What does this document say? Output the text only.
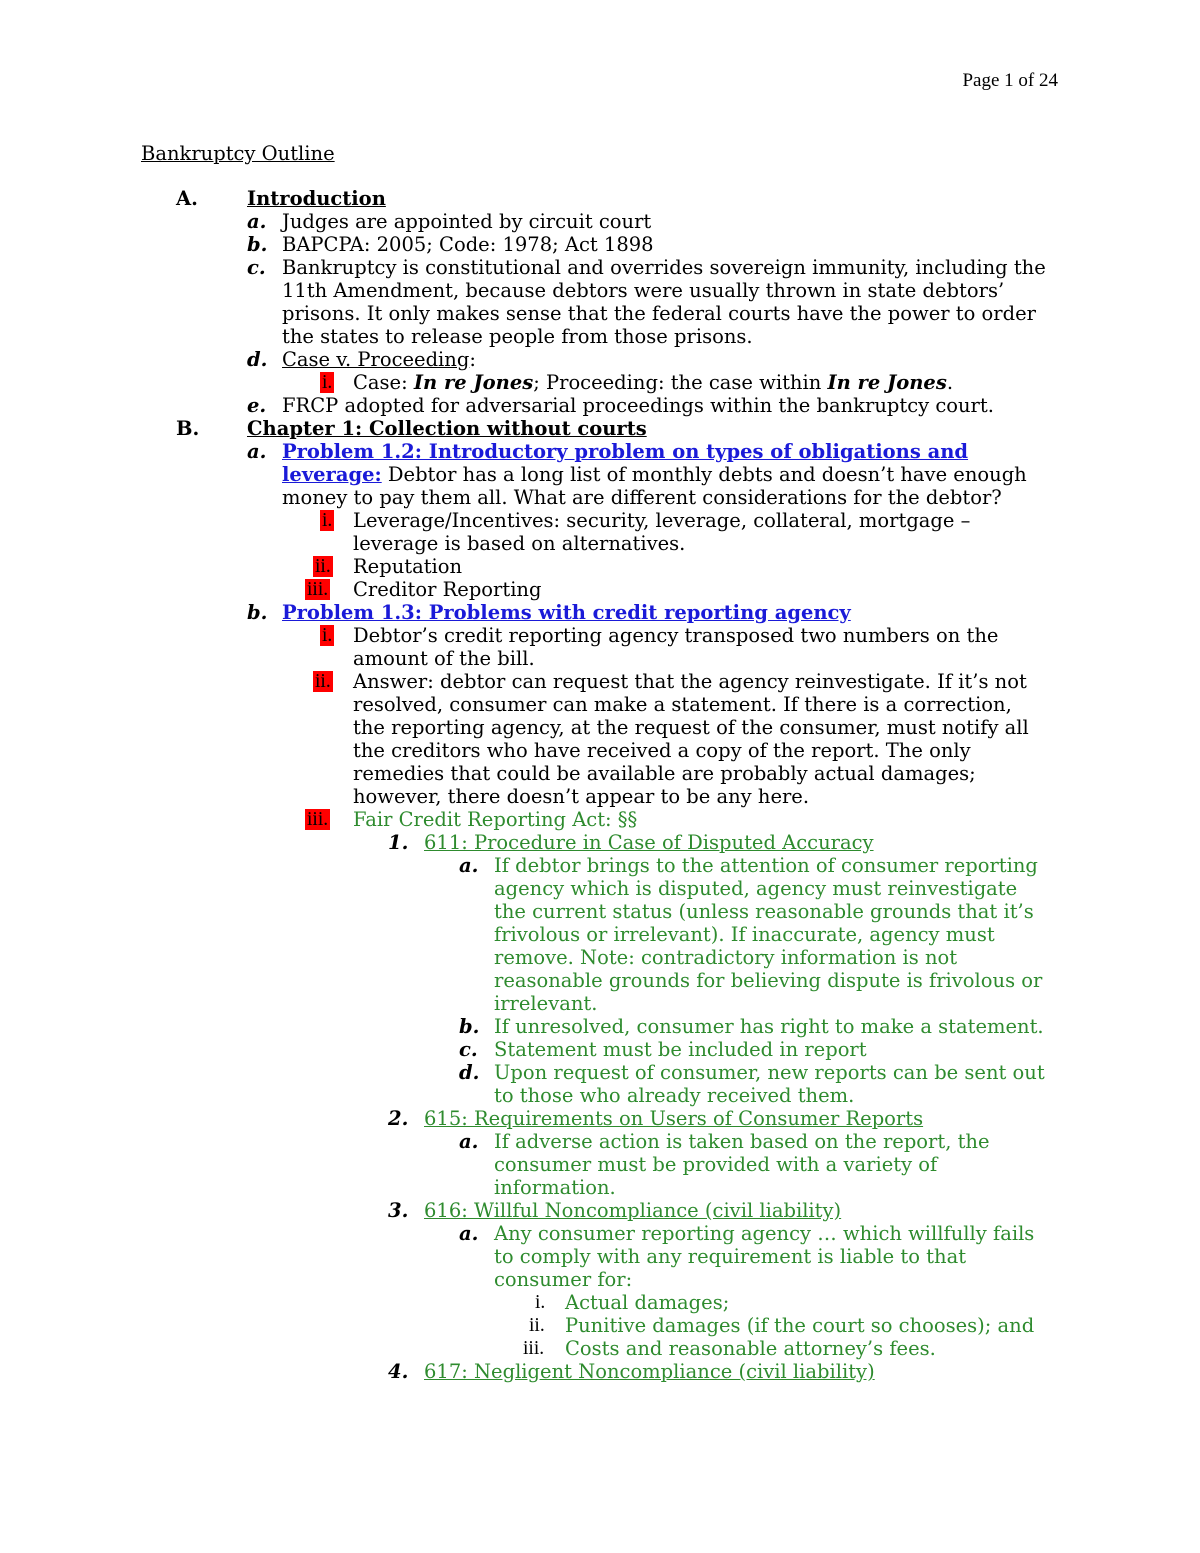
Page 1 of 24
Bankruptcy Outline
A.	Introduction
a. Judges are appointed by circuit court
b. BAPCPA: 2005; Code: 1978; Act 1898
c. Bankruptcy is constitutional and overrides sovereign immunity, including the
11th Amendment, because debtors were usually thrown in state debtors’
prisons. It only makes sense that the federal courts have the power to order
the states to release people from those prisons.
d. Case v. Proceeding:
i. Case: In re Jones; Proceeding: the case within In re Jones.
e. FRCP adopted for adversarial proceedings within the bankruptcy court.
B. Chapter 1: Collection without courts
a. Problem 1.2: Introductory problem on types of obligations and
leverage: Debtor has a long list of monthly debts and doesn’t have enough
money to pay them all. What are different considerations for the debtor?
i. Leverage/Incentives: security, leverage, collateral, mortgage –
leverage is based on alternatives.
ii. Reputation
iii. Creditor Reporting
b. Problem 1.3: Problems with credit reporting agency
i. Debtor’s credit reporting agency transposed two numbers on the
amount of the bill.
ii. Answer: debtor can request that the agency reinvestigate. If it’s not
resolved, consumer can make a statement. If there is a correction,
the reporting agency, at the request of the consumer, must notify all
the creditors who have received a copy of the report. The only
remedies that could be available are probably actual damages;
however, there doesn’t appear to be any here.
iii. Fair Credit Reporting Act: §§
1. 611: Procedure in Case of Disputed Accuracy
a. If debtor brings to the attention of consumer reporting
agency which is disputed, agency must reinvestigate
the current status (unless reasonable grounds that it’s
frivolous or irrelevant). If inaccurate, agency must
remove. Note: contradictory information is not
reasonable grounds for believing dispute is frivolous or
irrelevant.
b. If unresolved, consumer has right to make a statement.
c. Statement must be included in report
d. Upon request of consumer, new reports can be sent out
to those who already received them.
2. 615: Requirements on Users of Consumer Reports
a. If adverse action is taken based on the report, the
consumer must be provided with a variety of
information.
3. 616: Willful Noncompliance (civil liability)
a. Any consumer reporting agency … which willfully fails
to comply with any requirement is liable to that
consumer for:
i. Actual damages;
ii. Punitive damages (if the court so chooses); and
iii. Costs and reasonable attorney’s fees.
4. 617: Negligent Noncompliance (civil liability)
